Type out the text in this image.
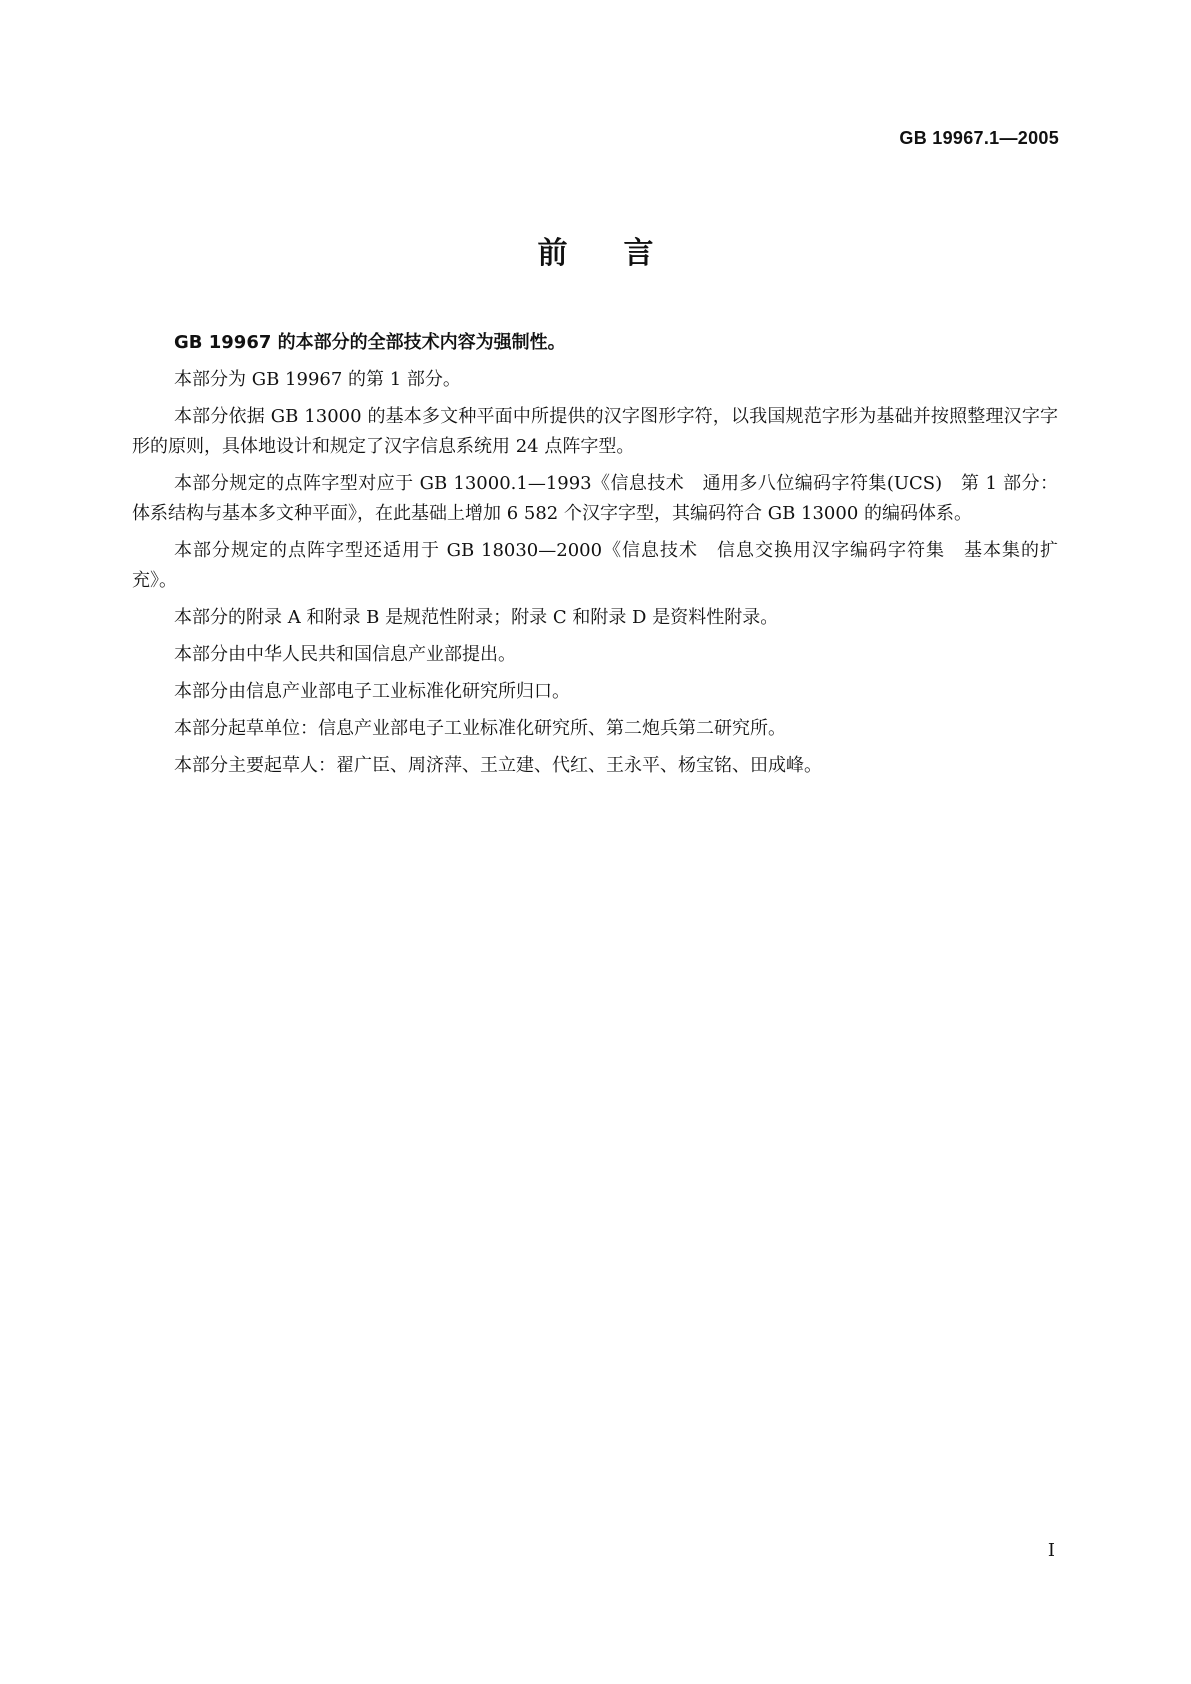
GB 19967.1—2005
前言

GB 19967 的本部分的全部技术内容为强制性。

本部分为 GB 19967 的第 1 部分。

本部分依据 GB 13000 的基本多文种平面中所提供的汉字图形字符，以我国规范字形为基础并按照整理汉字字形的原则，具体地设计和规定了汉字信息系统用 24 点阵字型。

本部分规定的点阵字型对应于 GB 13000.1—1993《信息技术　通用多八位编码字符集(UCS)　第 1 部分：体系结构与基本多文种平面》，在此基础上增加 6 582 个汉字字型，其编码符合 GB 13000 的编码体系。

本部分规定的点阵字型还适用于 GB 18030—2000《信息技术　信息交换用汉字编码字符集　基本集的扩充》。

本部分的附录 A 和附录 B 是规范性附录；附录 C 和附录 D 是资料性附录。

本部分由中华人民共和国信息产业部提出。

本部分由信息产业部电子工业标准化研究所归口。

本部分起草单位：信息产业部电子工业标准化研究所、第二炮兵第二研究所。

本部分主要起草人：翟广臣、周济萍、王立建、代红、王永平、杨宝铭、田成峰。

I
